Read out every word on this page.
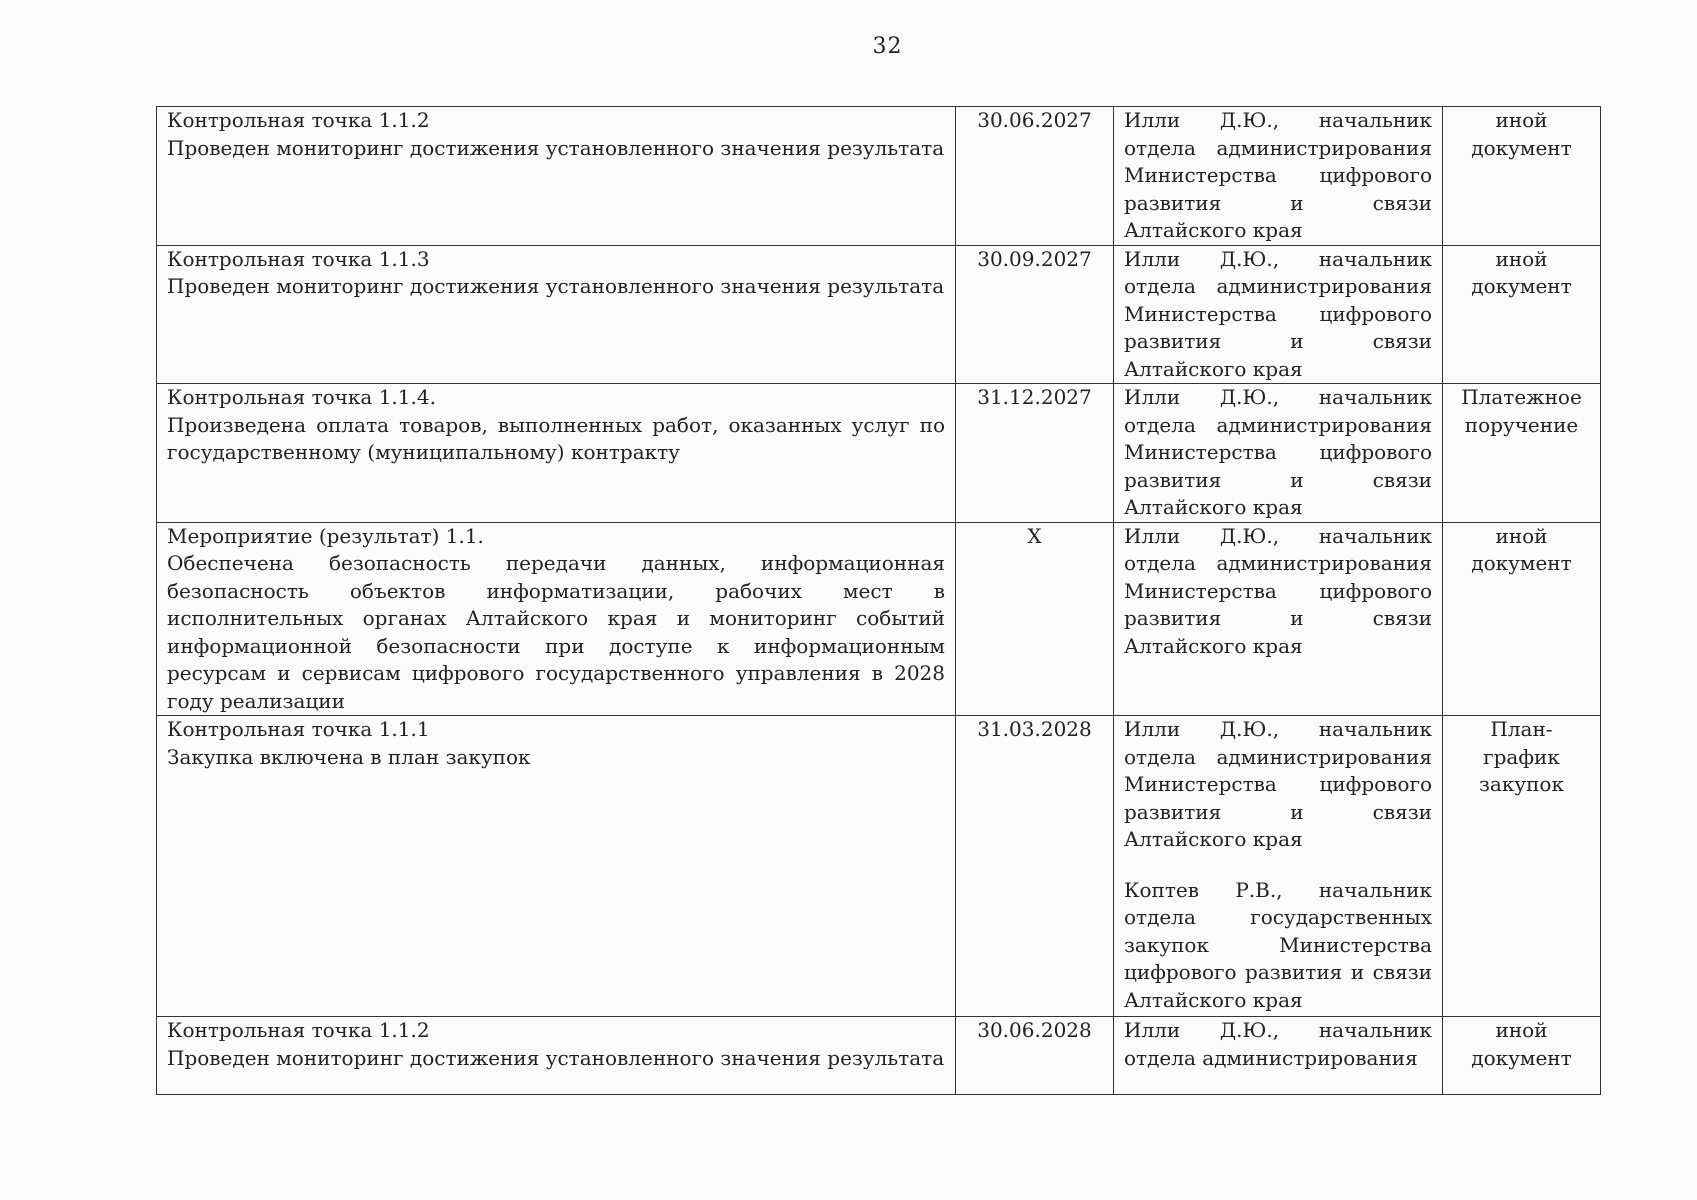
32
Контрольная точка 1.1.2
Проведен мониторинг достижения установленного значения результата	30.06.2027	Илли Д.Ю., начальник отдела администрирования Министерства цифрового развития и связи Алтайского края	иной документ

Контрольная точка 1.1.3
Проведен мониторинг достижения установленного значения результата	30.09.2027	Илли Д.Ю., начальник отдела администрирования Министерства цифрового развития и связи Алтайского края	иной документ

Контрольная точка 1.1.4.
Произведена оплата товаров, выполненных работ, оказанных услуг по государственному (муниципальному) контракту	31.12.2027	Илли Д.Ю., начальник отдела администрирования Министерства цифрового развития и связи Алтайского края	Платежное поручение

Мероприятие (результат) 1.1.
Обеспечена безопасность передачи данных, информационная безопасность объектов информатизации, рабочих мест в исполнительных органах Алтайского края и мониторинг событий информационной безопасности при доступе к информационным ресурсам и сервисам цифрового государственного управления в 2028 году реализации	Х	Илли Д.Ю., начальник отдела администрирования Министерства цифрового развития и связи Алтайского края	иной документ

Контрольная точка 1.1.1
Закупка включена в план закупок	31.03.2028	Илли Д.Ю., начальник отдела администрирования Министерства цифрового развития и связи Алтайского края
Коптев Р.В., начальник отдела государственных закупок Министерства цифрового развития и связи Алтайского края	План-график закупок

Контрольная точка 1.1.2
Проведен мониторинг достижения установленного значения результата	30.06.2028	Илли Д.Ю., начальник отдела администрирования	иной документ
